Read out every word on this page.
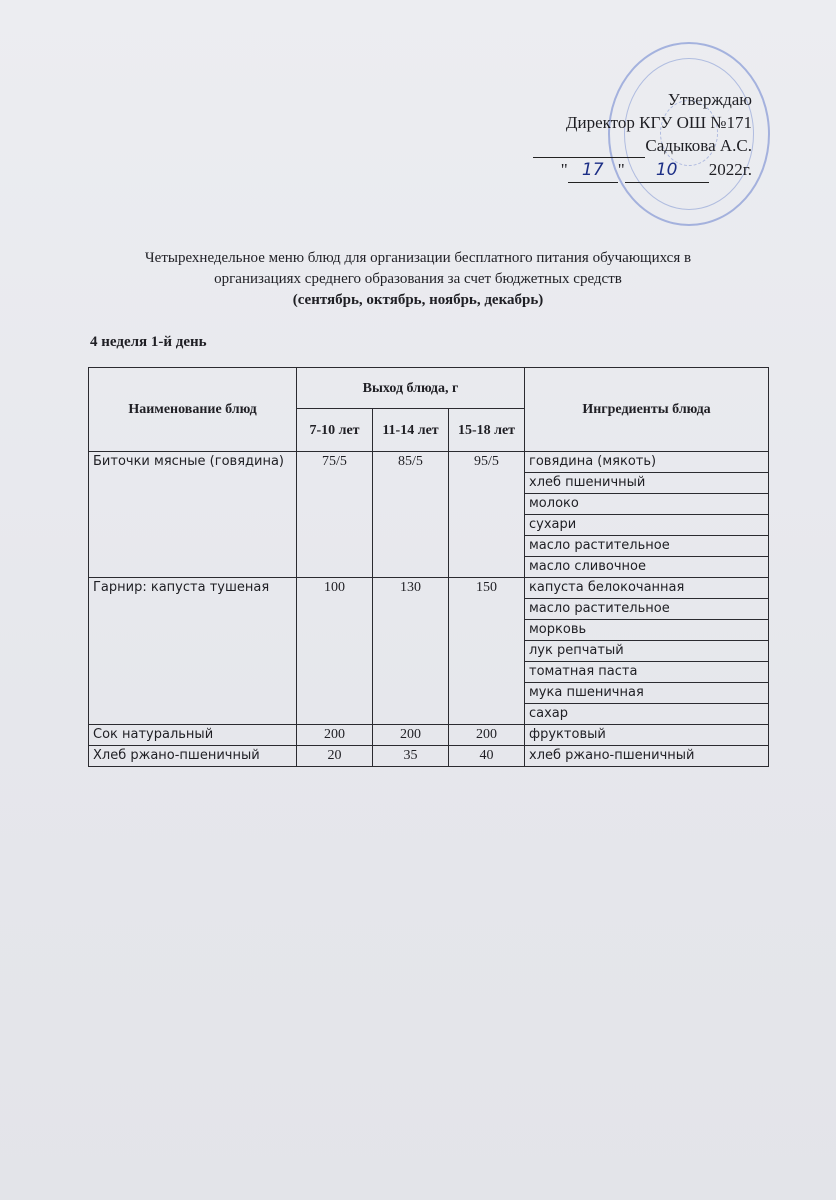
Утверждаю
Директор КГУ ОШ №171
Садыкова А.С.
" 17 " 10 2022г.
Четырехнедельное меню блюд для организации бесплатного питания обучающихся в
организациях среднего образования за счет бюджетных средств
(сентябрь, октябрь, ноябрь, декабрь)
4 неделя 1-й день
Наименование блюд	Выход блюда, г			Ингредиенты блюда
	7-10 лет	11-14 лет	15-18 лет	
Биточки мясные (говядина)	75/5	85/5	95/5	говядина (мякоть)
				хлеб пшеничный
				молоко
				сухари
				масло растительное
				масло сливочное
Гарнир: капуста тушеная	100	130	150	капуста белокочанная
				масло растительное
				морковь
				лук репчатый
				томатная паста
				мука пшеничная
				сахар
Сок натуральный	200	200	200	фруктовый
Хлеб ржано-пшеничный	20	35	40	хлеб ржано-пшеничный
